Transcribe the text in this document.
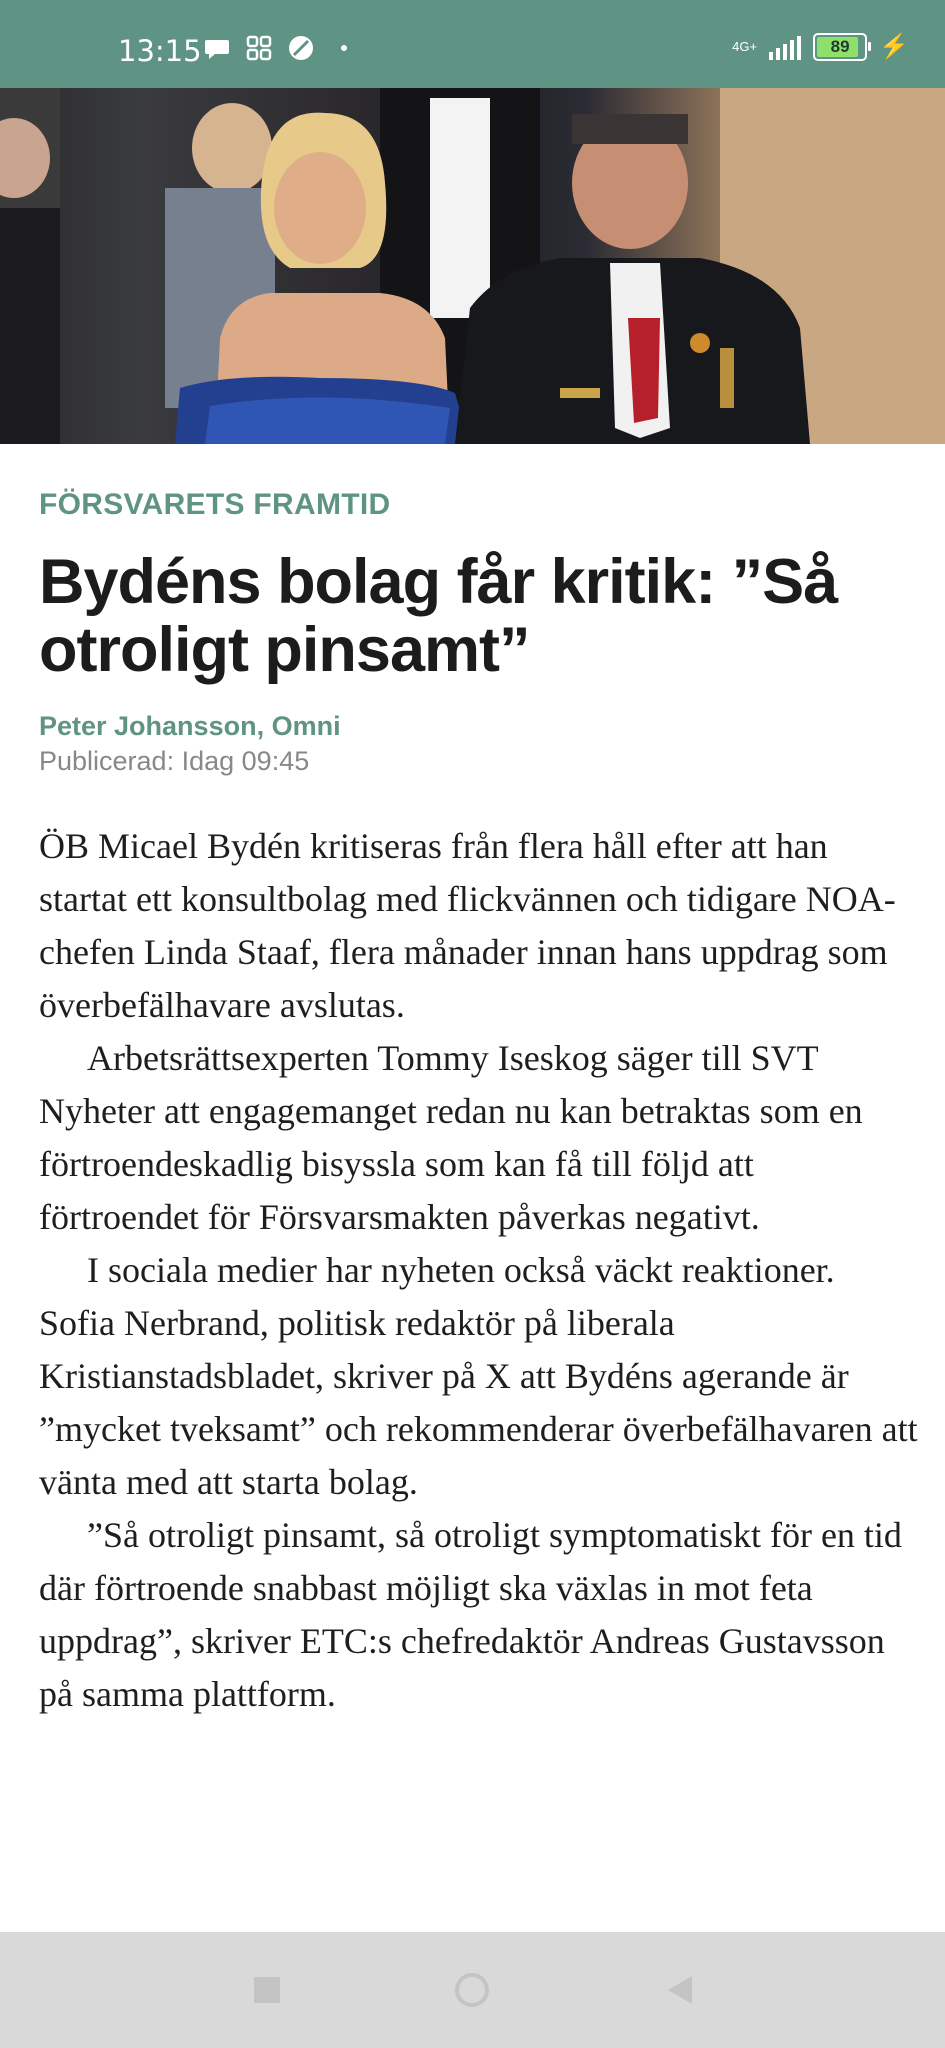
13:15	4G+	89 ⚡
FÖRSVARETS FRAMTID
Bydéns bolag får kritik: ”Så otroligt pinsamt”
Peter Johansson, Omni
Publicerad: Idag 09:45

ÖB Micael Bydén kritiseras från flera håll efter att han startat ett konsultbolag med flickvännen och tidigare NOA-chefen Linda Staaf, flera månader innan hans uppdrag som överbefälhavare avslutas.

Arbetsrättsexperten Tommy Iseskog säger till SVT Nyheter att engagemanget redan nu kan betraktas som en förtroendeskadlig bisyssla som kan få till följd att förtroendet för Försvarsmakten påverkas negativt.

I sociala medier har nyheten också väckt reaktioner. Sofia Nerbrand, politisk redaktör på liberala Kristianstadsbladet, skriver på X att Bydéns agerande är ”mycket tveksamt” och rekommenderar överbefälhavaren att vänta med att starta bolag.

”Så otroligt pinsamt, så otroligt symptomatiskt för en tid där förtroende snabbast möjligt ska växlas in mot feta uppdrag”, skriver ETC:s chefredaktör Andreas Gustavsson på samma plattform.
